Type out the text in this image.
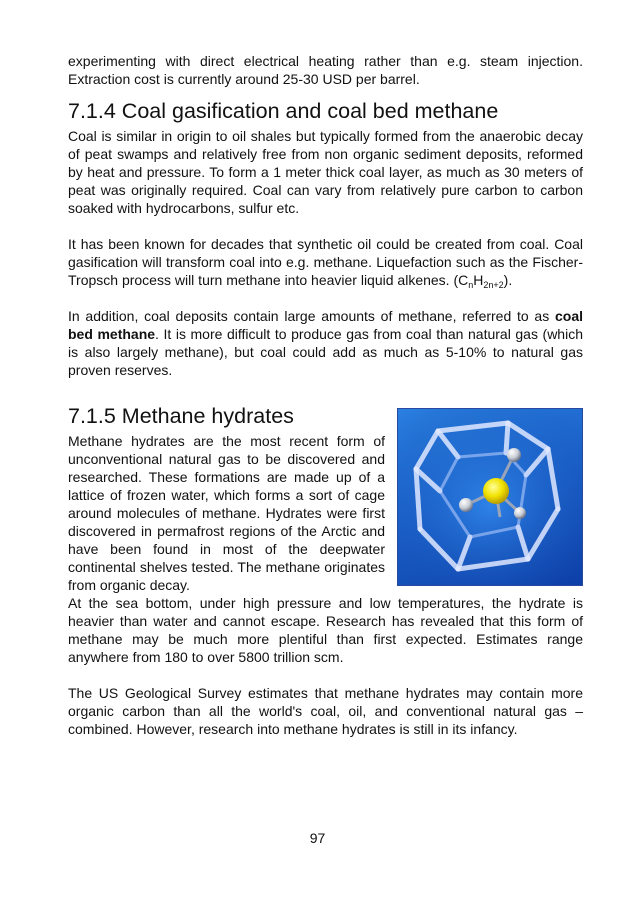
experimenting with direct electrical heating rather than e.g. steam injection. Extraction cost is currently around 25-30 USD per barrel.

7.1.4 Coal gasification and coal bed methane

Coal is similar in origin to oil shales but typically formed from the anaerobic decay of peat swamps and relatively free from non organic sediment deposits, reformed by heat and pressure. To form a 1 meter thick coal layer, as much as 30 meters of peat was originally required. Coal can vary from relatively pure carbon to carbon soaked with hydrocarbons, sulfur etc.

It has been known for decades that synthetic oil could be created from coal. Coal gasification will transform coal into e.g. methane. Liquefaction such as the Fischer-Tropsch process will turn methane into heavier liquid alkenes. $(C_nH_{2n+2})$.

In addition, coal deposits contain large amounts of methane, referred to as coal bed methane. It is more difficult to produce gas from coal than natural gas (which is also largely methane), but coal could add as much as 5-10% to natural gas proven reserves.

7.1.5 Methane hydrates

Methane hydrates are the most recent form of unconventional natural gas to be discovered and researched. These formations are made up of a lattice of frozen water, which forms a sort of cage around molecules of methane. Hydrates were first discovered in permafrost regions of the Arctic and have been found in most of the deepwater continental shelves tested. The methane originates from organic decay.

At the sea bottom, under high pressure and low temperatures, the hydrate is heavier than water and cannot escape. Research has revealed that this form of methane may be much more plentiful than first expected. Estimates range anywhere from 180 to over 5800 trillion scm.

The US Geological Survey estimates that methane hydrates may contain more organic carbon than all the world's coal, oil, and conventional natural gas – combined. However, research into methane hydrates is still in its infancy.

97
